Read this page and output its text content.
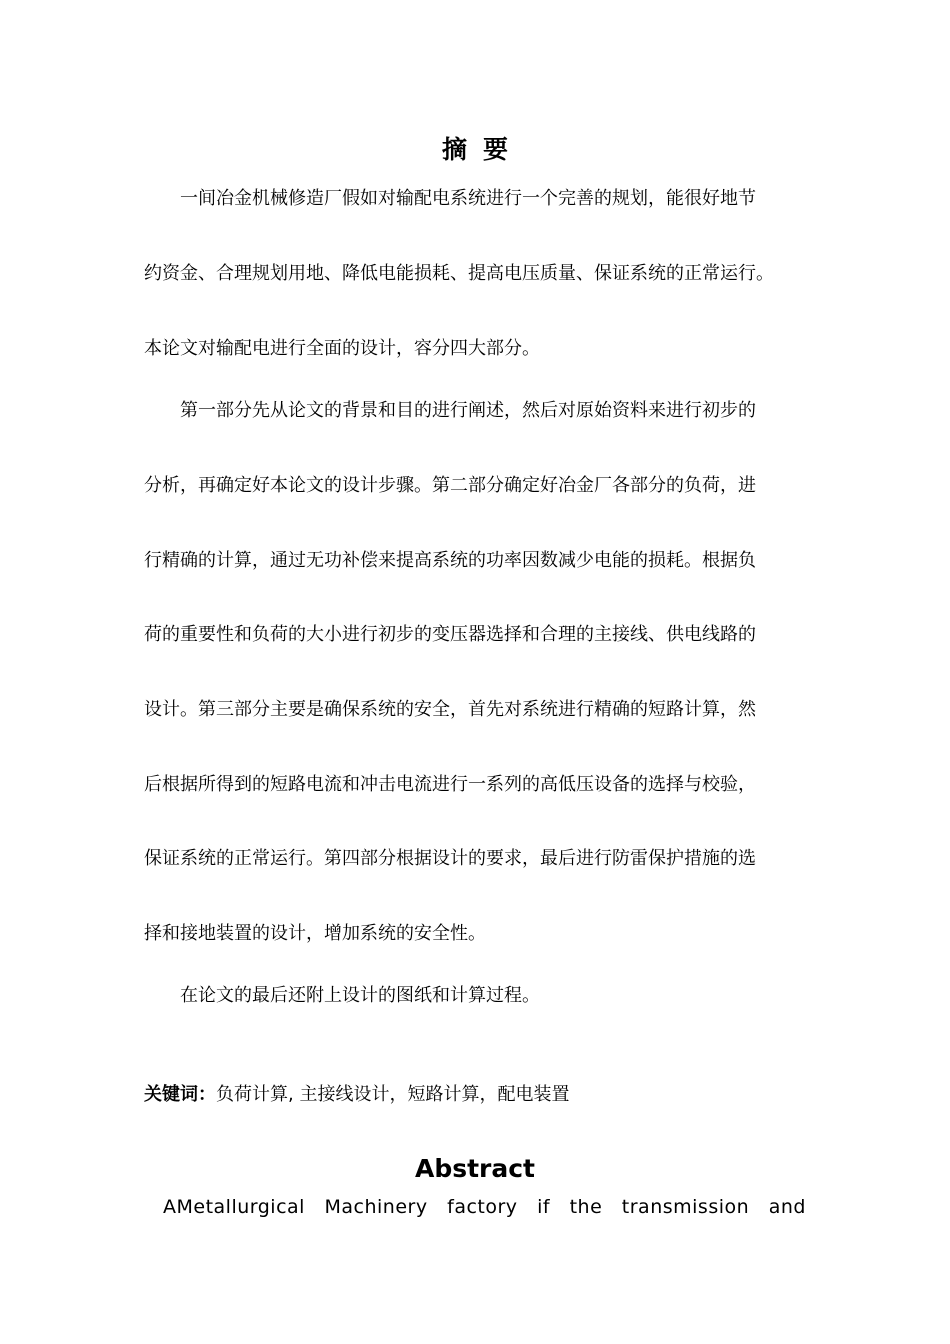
摘要
　　一间冶金机械修造厂假如对输配电系统进行一个完善的规划，能很好地节
约资金、合理规划用地、降低电能损耗、提高电压质量、保证系统的正常运行。
本论文对输配电进行全面的设计，容分四大部分。
　　第一部分先从论文的背景和目的进行阐述，然后对原始资料来进行初步的
分析，再确定好本论文的设计步骤。第二部分确定好冶金厂各部分的负荷，进
行精确的计算，通过无功补偿来提高系统的功率因数减少电能的损耗。根据负
荷的重要性和负荷的大小进行初步的变压器选择和合理的主接线、供电线路的
设计。第三部分主要是确保系统的安全，首先对系统进行精确的短路计算，然
后根据所得到的短路电流和冲击电流进行一系列的高低压设备的选择与校验，
保证系统的正常运行。第四部分根据设计的要求，最后进行防雷保护措施的选
择和接地装置的设计，增加系统的安全性。
　　在论文的最后还附上设计的图纸和计算过程。
关键词：负荷计算, 主接线设计，短路计算，配电装置
Abstract
AMetallurgical Machinery factory if the transmission and
